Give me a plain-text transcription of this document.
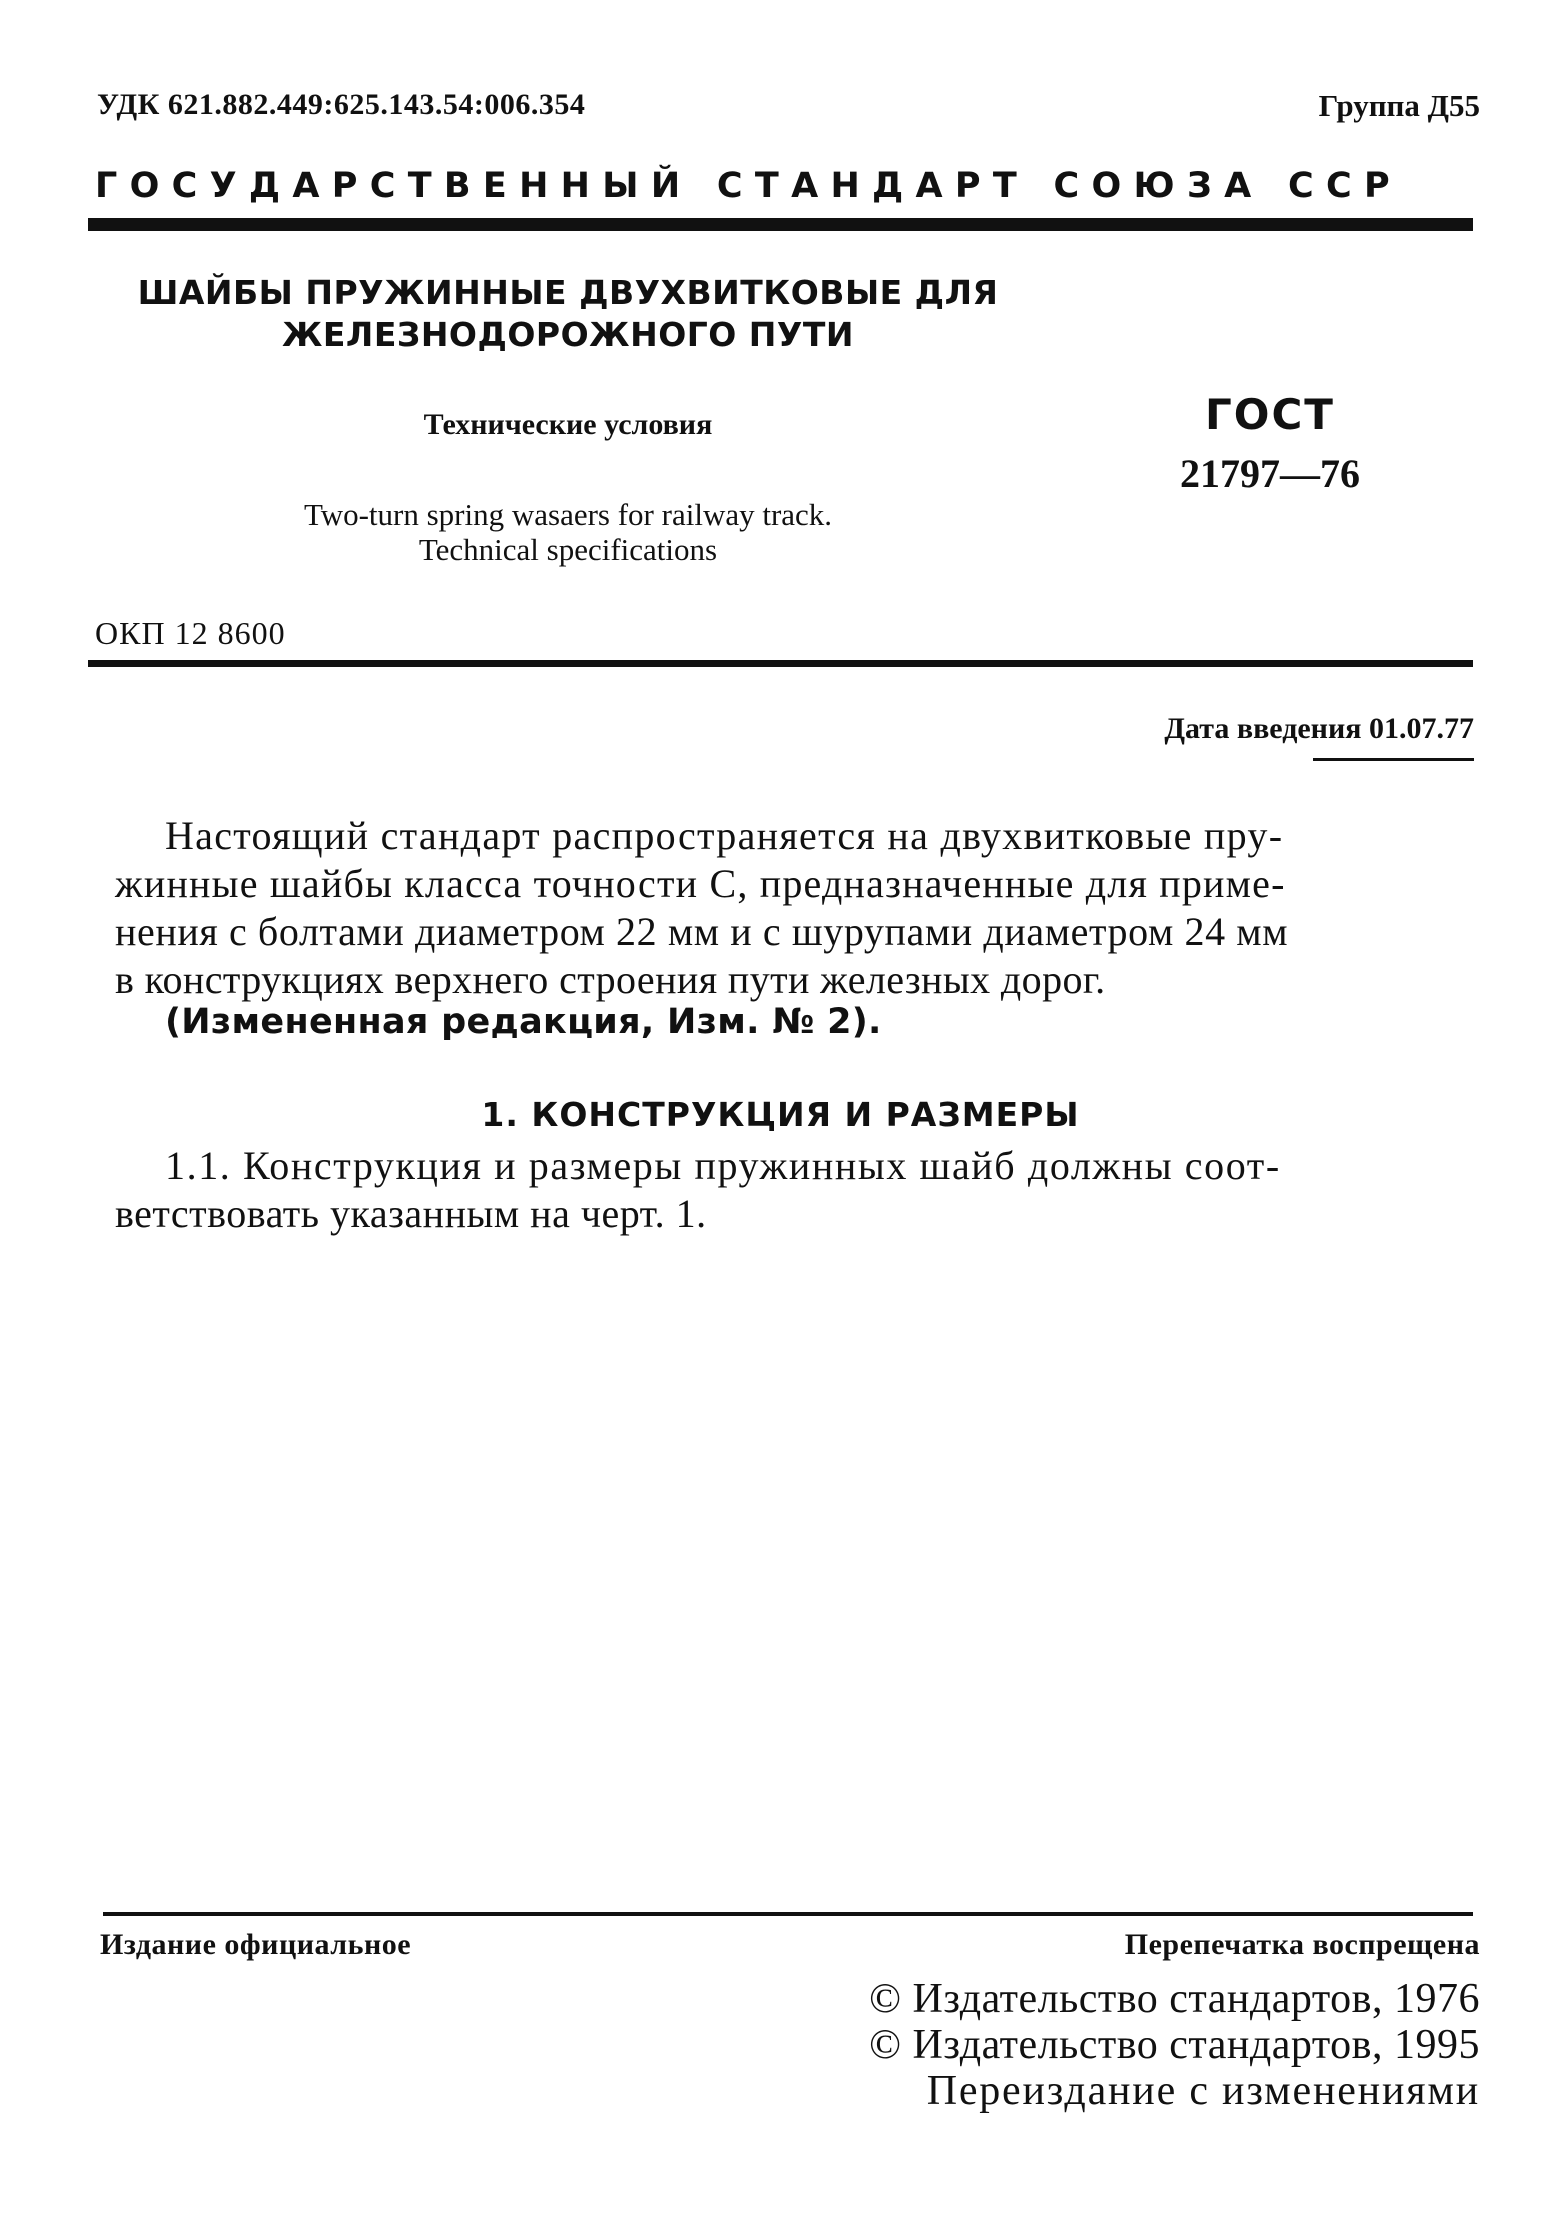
УДК 621.882.449:625.143.54:006.354	Группа Д55
ГОСУДАРСТВЕННЫЙ СТАНДАРТ СОЮЗА ССР
ШАЙБЫ ПРУЖИННЫЕ ДВУХВИТКОВЫЕ ДЛЯ
ЖЕЛЕЗНОДОРОЖНОГО ПУТИ
Технические условия
Two-turn spring wasaers for railway track.
Technical specifications
ГОСТ
21797—76
ОКП 12 8600
Дата введения 01.07.77
Настоящий стандарт распространяется на двухвитковые пру-
жинные шайбы класса точности С, предназначенные для приме-
нения с болтами диаметром 22 мм и с шурупами диаметром 24 мм
в конструкциях верхнего строения пути железных дорог.
(Измененная редакция, Изм. № 2).
1. КОНСТРУКЦИЯ И РАЗМЕРЫ
1.1. Конструкция и размеры пружинных шайб должны соот-
ветствовать указанным на черт. 1.
Издание официальное	Перепечатка воспрещена
© Издательство стандартов, 1976
© Издательство стандартов, 1995
Переиздание с изменениями
